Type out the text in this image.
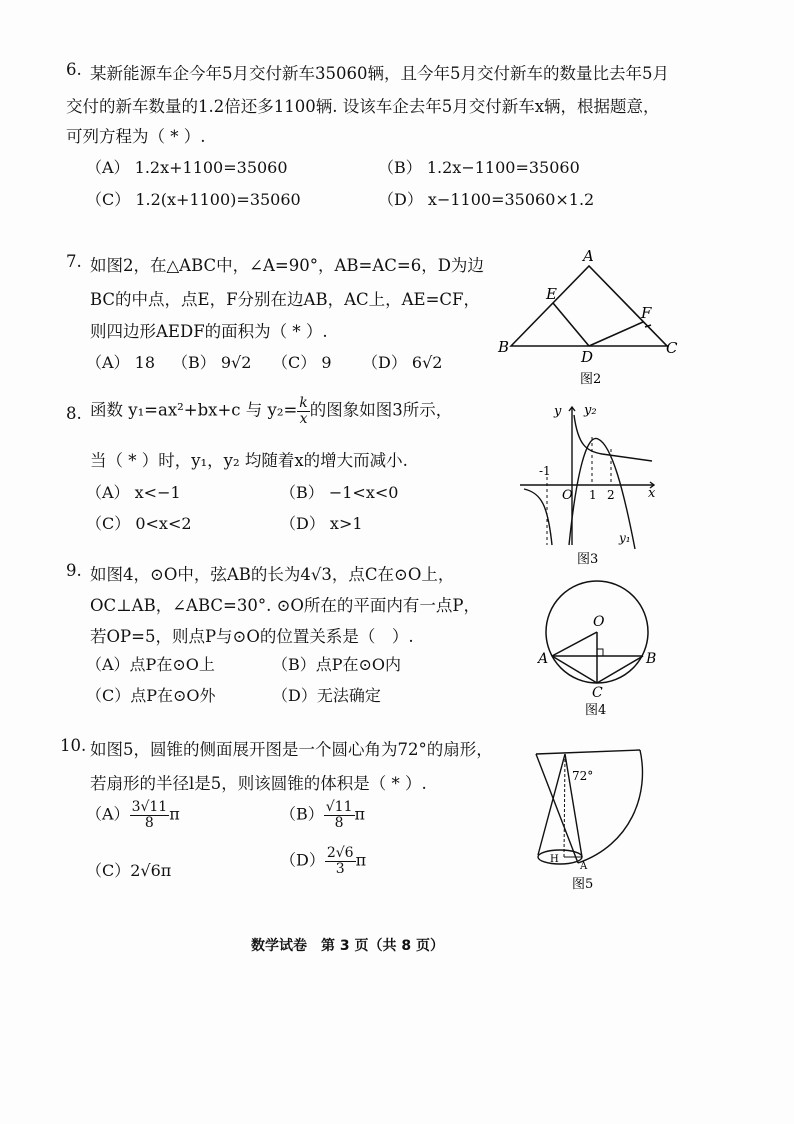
6. 某新能源车企今年5月交付新车35060辆，且今年5月交付新车的数量比去年5月
交付的新车数量的1.2倍还多1100辆. 设该车企去年5月交付新车x辆，根据题意，
可列方程为（ * ）.
（A） 1.2x+1100=35060	（B） 1.2x−1100=35060
（C） 1.2(x+1100)=35060	（D） x−1100=35060×1.2
7. 如图2，在△ABC中，∠A=90°，AB=AC=6，D为边
BC的中点，点E，F分别在边AB，AC上，AE=CF，
则四边形AEDF的面积为（ * ）.
（A） 18 （B） 9√2 （C） 9 （D） 6√2
8. 函数 y₁=ax²+bx+c 与 $y_2= \frac{k}{x}$ 的图象如图3所示，
当（ * ）时，y₁，y₂ 均随着x的增大而减小.
（A） x<−1	（B） −1<x<0
（C） 0<x<2	（D） x>1
9. 如图4，⊙O中，弦AB的长为4√3，点C在⊙O上，
OC⊥AB，∠ABC=30°. ⊙O所在的平面内有一点P，
若OP=5，则点P与⊙O的位置关系是（　）.
（A）点P在⊙O上	（B）点P在⊙O内
（C）点P在⊙O外	（D）无法确定
10. 如图5，圆锥的侧面展开图是一个圆心角为72°的扇形，
若扇形的半径l是5，则该圆锥的体积是（ * ）.
$(A) \frac{3√11}{8}$ π	$(B) \frac{√11}{8}$ π
（C）2√6π
$(D) \frac{2√6}{3}$ π
A
B	C
D
E
F
图2
y y₂
-1
O 1 2	x
y₁
图3
O
A	B
C
图4
72°
H
A
图5
数学试卷　第 3 页（共 8 页）
